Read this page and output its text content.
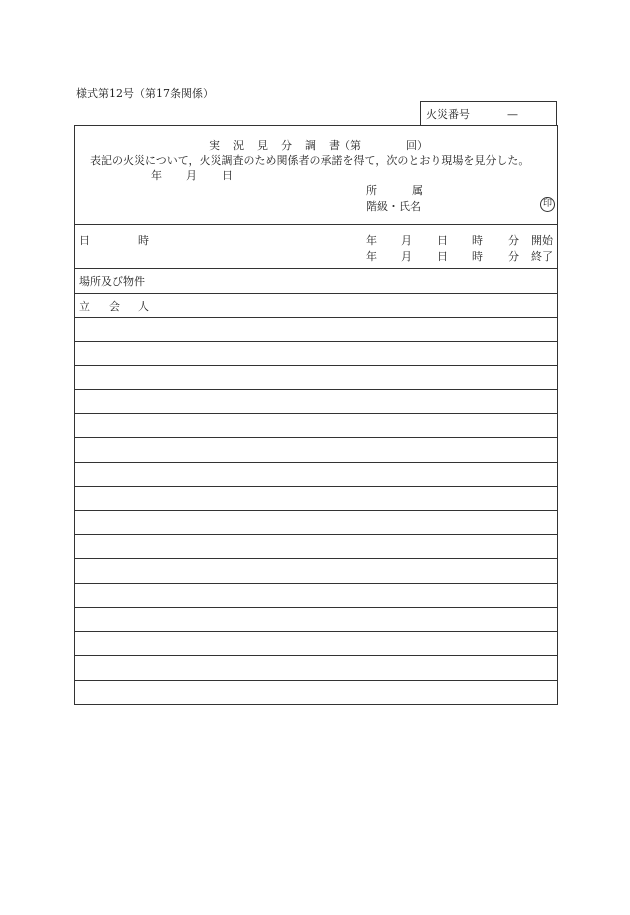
様式第12号（第17条関係）
火災番号	—
実 況 見 分 調 書 （第	回）
表記の火災について，火災調査のため関係者の承諾を得て，次のとおり現場を見分した。
年 月 日
所	属
階級・氏名	印
日	時	年 月 日 時 分 開始
年 月 日 時 分 終了
場所及び物件
立 会 人
